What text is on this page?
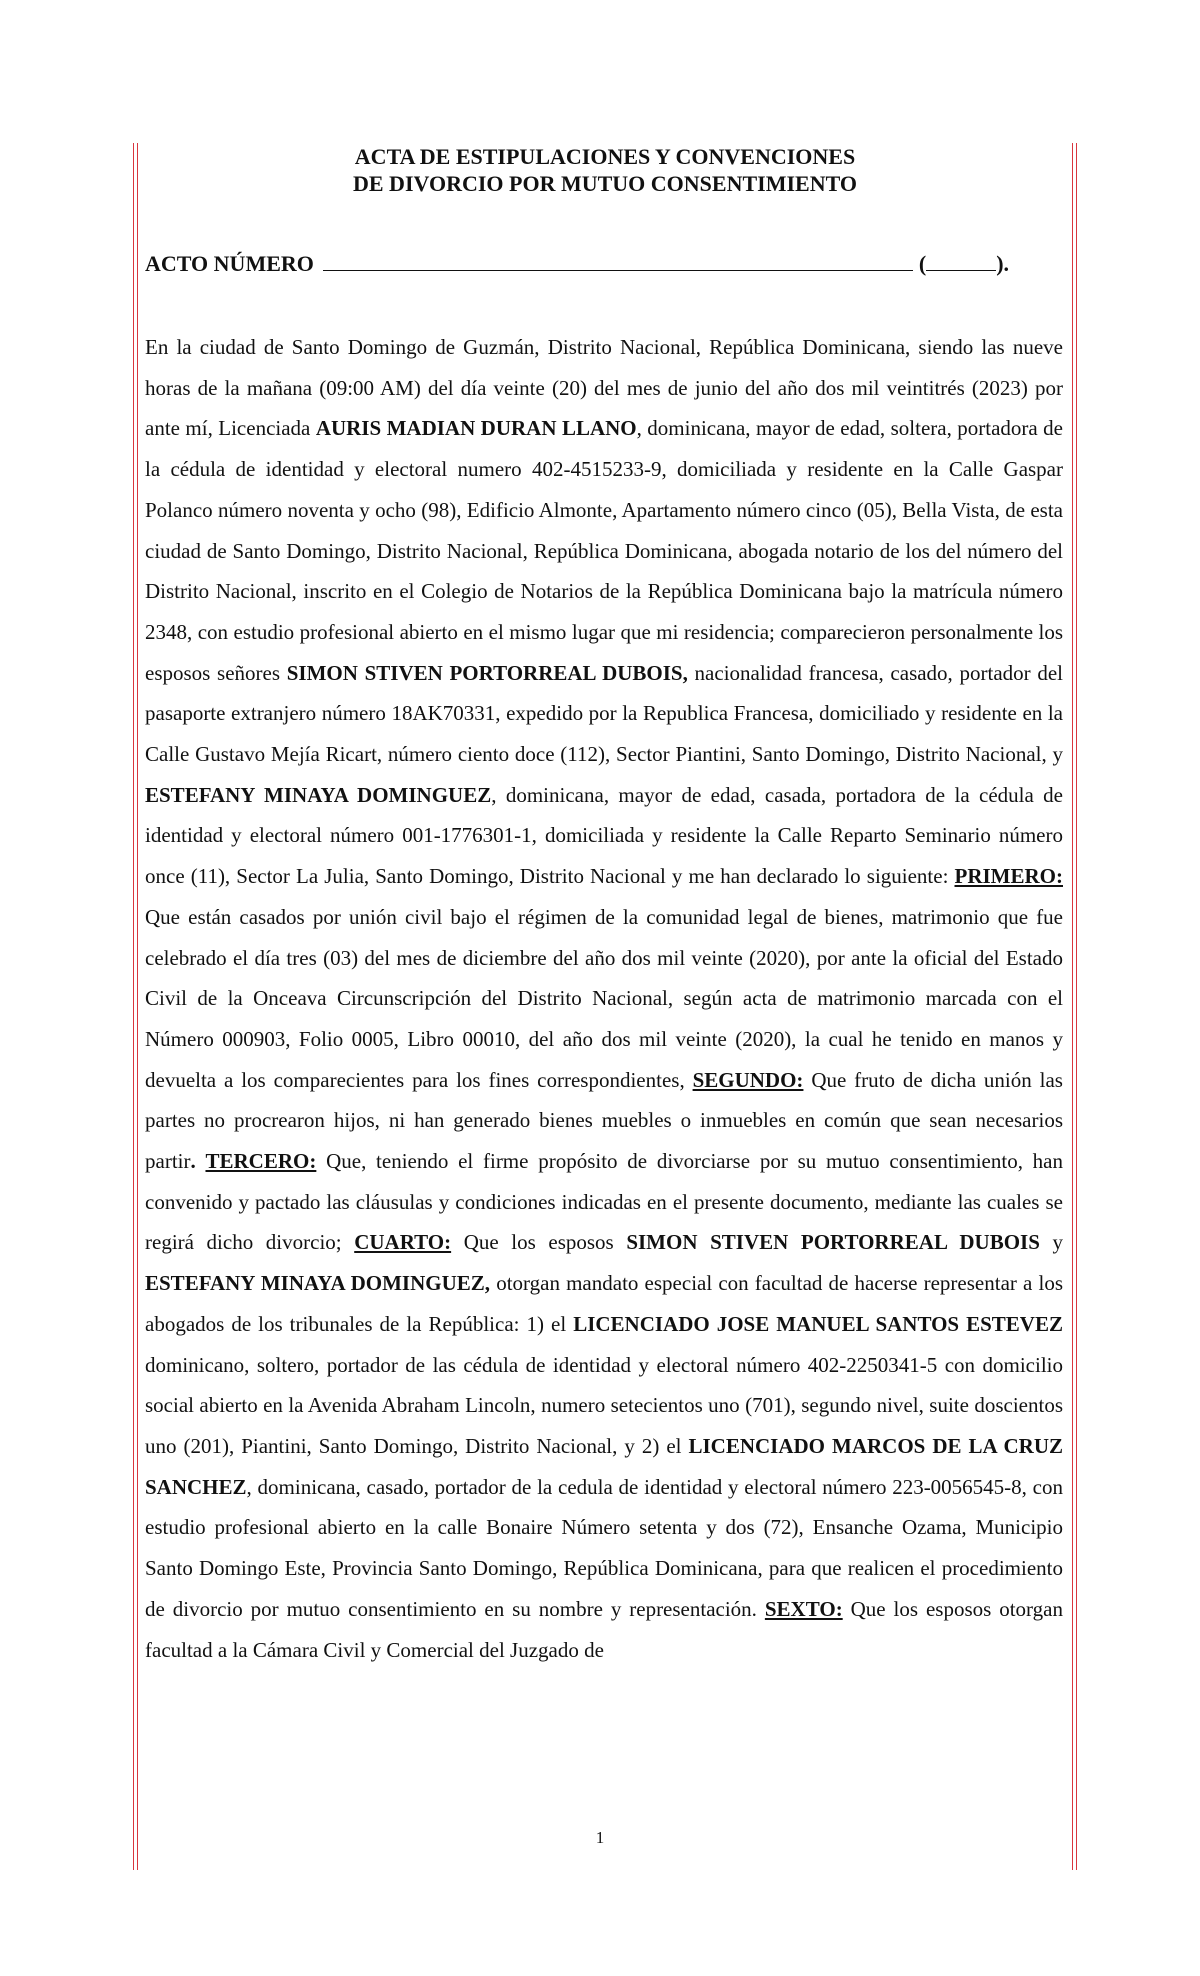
ACTA DE ESTIPULACIONES Y CONVENCIONES
DE DIVORCIO POR MUTUO CONSENTIMIENTO
ACTO NÚMERO	(	).
En la ciudad de Santo Domingo de Guzmán, Distrito Nacional, República Dominicana, siendo las nueve horas de la mañana (09:00 AM) del día veinte (20) del mes de junio del año dos mil veintitrés (2023) por ante mí, Licenciada AURIS MADIAN DURAN LLANO, dominicana, mayor de edad, soltera, portadora de la cédula de identidad y electoral numero 402-4515233-9, domiciliada y residente en la Calle Gaspar Polanco número noventa y ocho (98), Edificio Almonte, Apartamento número cinco (05), Bella Vista, de esta ciudad de Santo Domingo, Distrito Nacional, República Dominicana, abogada notario de los del número del Distrito Nacional, inscrito en el Colegio de Notarios de la República Dominicana bajo la matrícula número 2348, con estudio profesional abierto en el mismo lugar que mi residencia; comparecieron personalmente los esposos señores SIMON STIVEN PORTORREAL DUBOIS, nacionalidad francesa, casado, portador del pasaporte extranjero número 18AK70331, expedido por la Republica Francesa, domiciliado y residente en la Calle Gustavo Mejía Ricart, número ciento doce (112), Sector Piantini, Santo Domingo, Distrito Nacional, y ESTEFANY MINAYA DOMINGUEZ, dominicana, mayor de edad, casada, portadora de la cédula de identidad y electoral número 001-1776301-1, domiciliada y residente la Calle Reparto Seminario número once (11), Sector La Julia, Santo Domingo, Distrito Nacional y me han declarado lo siguiente: PRIMERO: Que están casados por unión civil bajo el régimen de la comunidad legal de bienes, matrimonio que fue celebrado el día tres (03) del mes de diciembre del año dos mil veinte (2020), por ante la oficial del Estado Civil de la Onceava Circunscripción del Distrito Nacional, según acta de matrimonio marcada con el Número 000903, Folio 0005, Libro 00010, del año dos mil veinte (2020), la cual he tenido en manos y devuelta a los comparecientes para los fines correspondientes, SEGUNDO: Que fruto de dicha unión las partes no procrearon hijos, ni han generado bienes muebles o inmuebles en común que sean necesarios partir. TERCERO: Que, teniendo el firme propósito de divorciarse por su mutuo consentimiento, han convenido y pactado las cláusulas y condiciones indicadas en el presente documento, mediante las cuales se regirá dicho divorcio; CUARTO: Que los esposos SIMON STIVEN PORTORREAL DUBOIS y ESTEFANY MINAYA DOMINGUEZ, otorgan mandato especial con facultad de hacerse representar a los abogados de los tribunales de la República: 1) el LICENCIADO JOSE MANUEL SANTOS ESTEVEZ dominicano, soltero, portador de las cédula de identidad y electoral número 402-2250341-5 con domicilio social abierto en la Avenida Abraham Lincoln, numero setecientos uno (701), segundo nivel, suite doscientos uno (201), Piantini, Santo Domingo, Distrito Nacional, y 2) el LICENCIADO MARCOS DE LA CRUZ SANCHEZ, dominicana, casado, portador de la cedula de identidad y electoral número 223-0056545-8, con estudio profesional abierto en la calle Bonaire Número setenta y dos (72), Ensanche Ozama, Municipio Santo Domingo Este, Provincia Santo Domingo, República Dominicana, para que realicen el procedimiento de divorcio por mutuo consentimiento en su nombre y representación. SEXTO: Que los esposos otorgan facultad a la Cámara Civil y Comercial del Juzgado de
1
